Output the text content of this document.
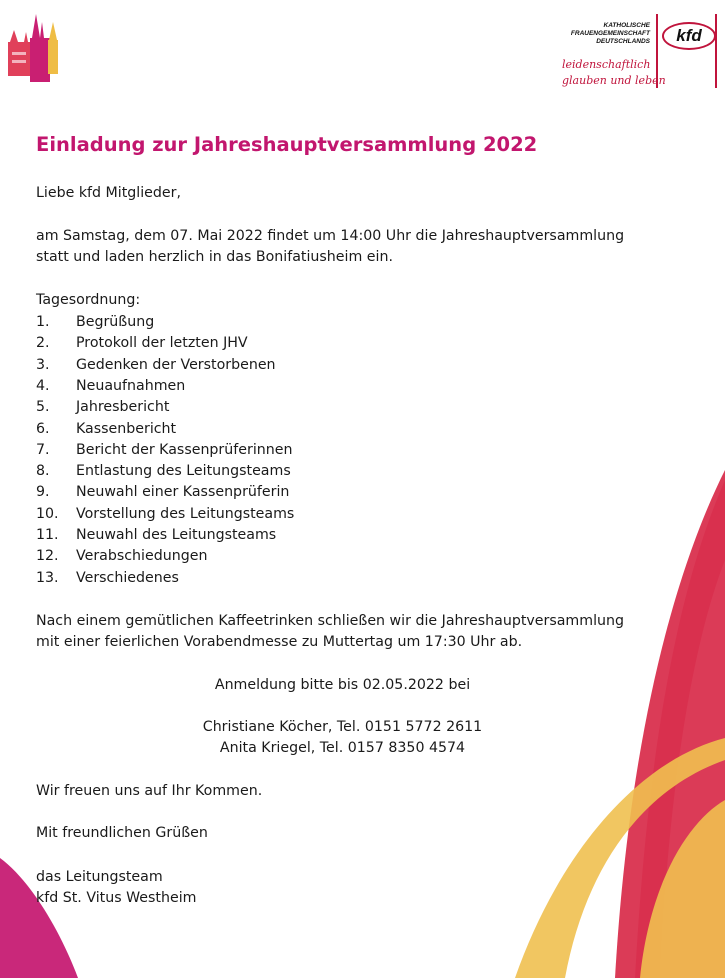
KATHOLISCHE
FRAUENGEMEINSCHAFT
DEUTSCHLANDS	kfd
leidenschaftlich
glauben und leben
Einladung zur Jahreshauptversammlung 2022
Liebe kfd Mitglieder,
am Samstag, dem 07. Mai 2022 findet um 14:00 Uhr die Jahreshauptversammlung
statt und laden herzlich in das Bonifatiusheim ein.
Tagesordnung:
1. Begrüßung
2. Protokoll der letzten JHV
3. Gedenken der Verstorbenen
4. Neuaufnahmen
5. Jahresbericht
6. Kassenbericht
7. Bericht der Kassenprüferinnen
8. Entlastung des Leitungsteams
9. Neuwahl einer Kassenprüferin
10. Vorstellung des Leitungsteams
11. Neuwahl des Leitungsteams
12. Verabschiedungen
13. Verschiedenes
Nach einem gemütlichen Kaffeetrinken schließen wir die Jahreshauptversammlung
mit einer feierlichen Vorabendmesse zu Muttertag um 17:30 Uhr ab.
Anmeldung bitte bis 02.05.2022 bei
Christiane Köcher, Tel. 0151 5772 2611
Anita Kriegel, Tel. 0157 8350 4574
Wir freuen uns auf Ihr Kommen.
Mit freundlichen Grüßen
das Leitungsteam
kfd St. Vitus Westheim
